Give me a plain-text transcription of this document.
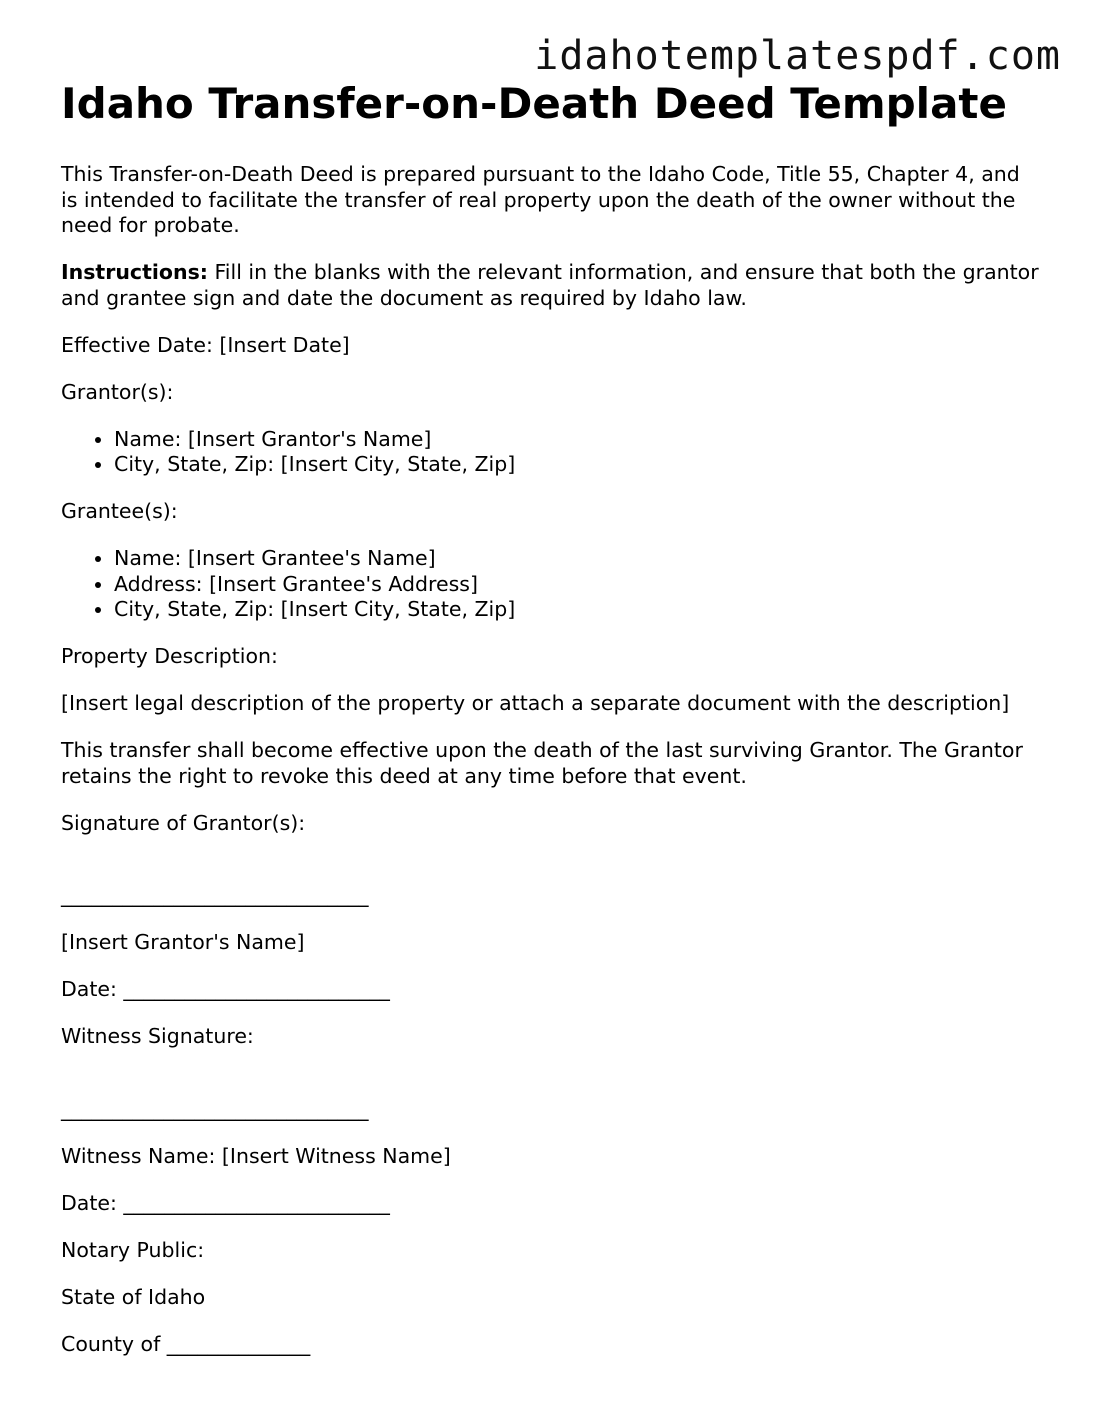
idahotemplatespdf.com
Idaho Transfer-on-Death Deed Template

This Transfer-on-Death Deed is prepared pursuant to the Idaho Code, Title 55, Chapter 4, and is intended to facilitate the transfer of real property upon the death of the owner without the need for probate.

Instructions: Fill in the blanks with the relevant information, and ensure that both the grantor and grantee sign and date the document as required by Idaho law.

Effective Date: [Insert Date]

Grantor(s):

• Name: [Insert Grantor's Name]
• City, State, Zip: [Insert City, State, Zip]

Grantee(s):

• Name: [Insert Grantee's Name]
• Address: [Insert Grantee's Address]
• City, State, Zip: [Insert City, State, Zip]

Property Description:

[Insert legal description of the property or attach a separate document with the description]

This transfer shall become effective upon the death of the last surviving Grantor. The Grantor retains the right to revoke this deed at any time before that event.

Signature of Grantor(s):

______________________________

[Insert Grantor's Name]

Date: __________________________

Witness Signature:

______________________________

Witness Name: [Insert Witness Name]

Date: __________________________

Notary Public:

State of Idaho

County of ______________
